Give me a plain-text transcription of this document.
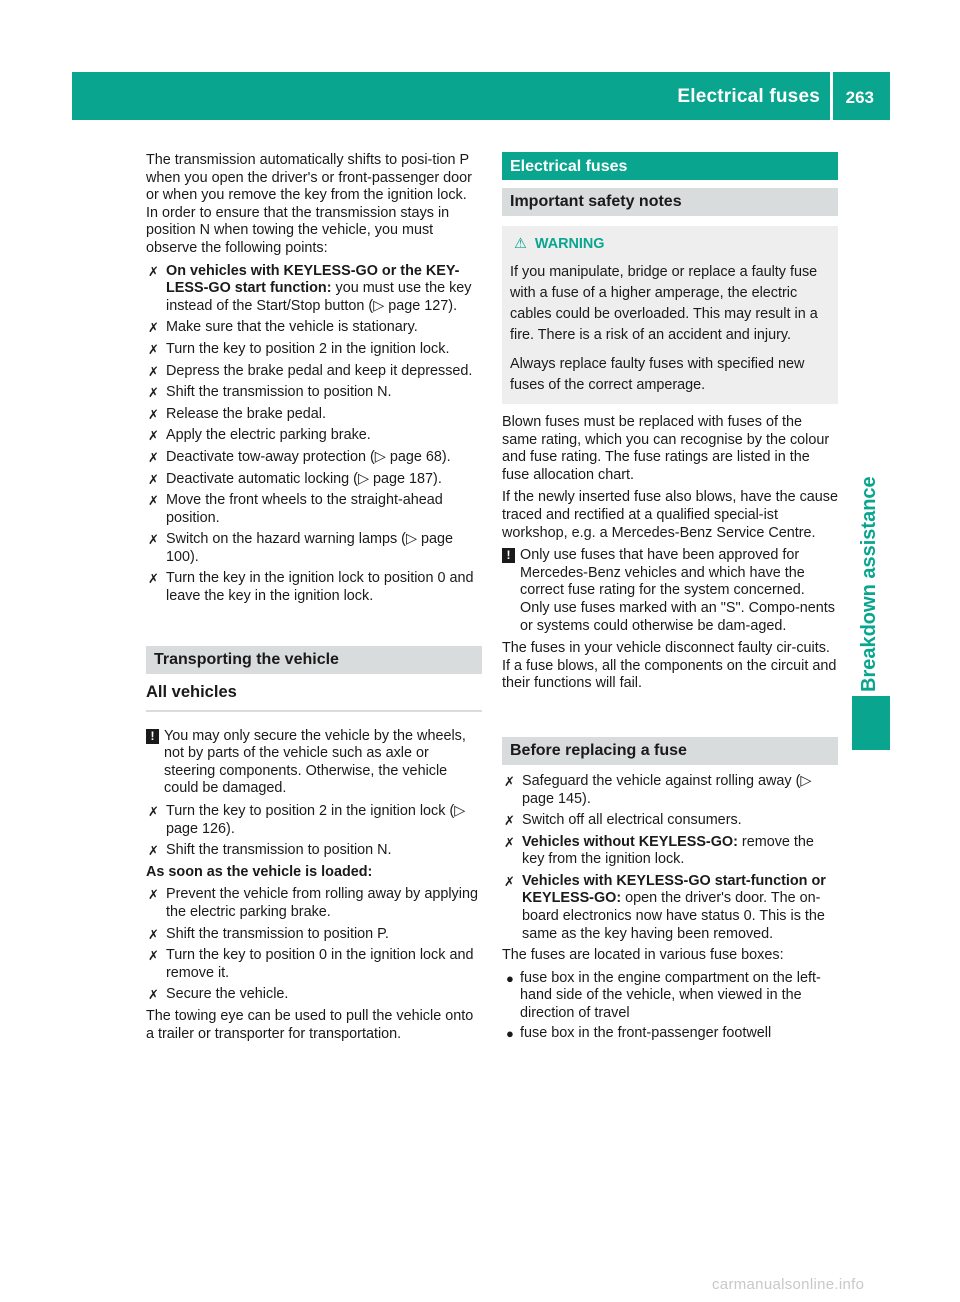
Electrical fuses 263
Breakdown assistance

The transmission automatically shifts to posi-tion P when you open the driver's or front-passenger door or when you remove the key from the ignition lock. In order to ensure that the transmission stays in position N when towing the vehicle, you must observe the following points:

✗ On vehicles with KEYLESS-GO or the KEY-LESS-GO start function: you must use the key instead of the Start/Stop button (▷ page 127).
✗ Make sure that the vehicle is stationary.
✗ Turn the key to position 2 in the ignition lock.
✗ Depress the brake pedal and keep it depressed.
✗ Shift the transmission to position N.
✗ Release the brake pedal.
✗ Apply the electric parking brake.
✗ Deactivate tow-away protection (▷ page 68).
✗ Deactivate automatic locking (▷ page 187).
✗ Move the front wheels to the straight-ahead position.
✗ Switch on the hazard warning lamps (▷ page 100).
✗ Turn the key in the ignition lock to position 0 and leave the key in the ignition lock.
Transporting the vehicle
All vehicles
! You may only secure the vehicle by the wheels, not by parts of the vehicle such as axle or steering components. Otherwise, the vehicle could be damaged.
✗ Turn the key to position 2 in the ignition lock (▷ page 126).
✗ Shift the transmission to position N.

As soon as the vehicle is loaded:

✗ Prevent the vehicle from rolling away by applying the electric parking brake.
✗ Shift the transmission to position P.
✗ Turn the key to position 0 in the ignition lock and remove it.
✗ Secure the vehicle.

The towing eye can be used to pull the vehicle onto a trailer or transporter for transportation.

Electrical fuses
Important safety notes
⚠ WARNING

If you manipulate, bridge or replace a faulty fuse with a fuse of a higher amperage, the electric cables could be overloaded. This may result in a fire. There is a risk of an accident and injury.

Always replace faulty fuses with specified new fuses of the correct amperage.

Blown fuses must be replaced with fuses of the same rating, which you can recognise by the colour and fuse rating. The fuse ratings are listed in the fuse allocation chart.

If the newly inserted fuse also blows, have the cause traced and rectified at a qualified special-ist workshop, e.g. a Mercedes-Benz Service Centre.

! Only use fuses that have been approved for Mercedes-Benz vehicles and which have the correct fuse rating for the system concerned. Only use fuses marked with an "S". Compo-nents or systems could otherwise be dam-aged.

The fuses in your vehicle disconnect faulty cir-cuits. If a fuse blows, all the components on the circuit and their functions will fail.

Before replacing a fuse
✗ Safeguard the vehicle against rolling away (▷ page 145).
✗ Switch off all electrical consumers.
✗ Vehicles without KEYLESS-GO: remove the key from the ignition lock.
✗ Vehicles with KEYLESS-GO start-function or KEYLESS-GO: open the driver's door. The on-board electronics now have status 0. This is the same as the key having been removed.

The fuses are located in various fuse boxes:

● fuse box in the engine compartment on the left-hand side of the vehicle, when viewed in the direction of travel
● fuse box in the front-passenger footwell
carmanualsonline.info
